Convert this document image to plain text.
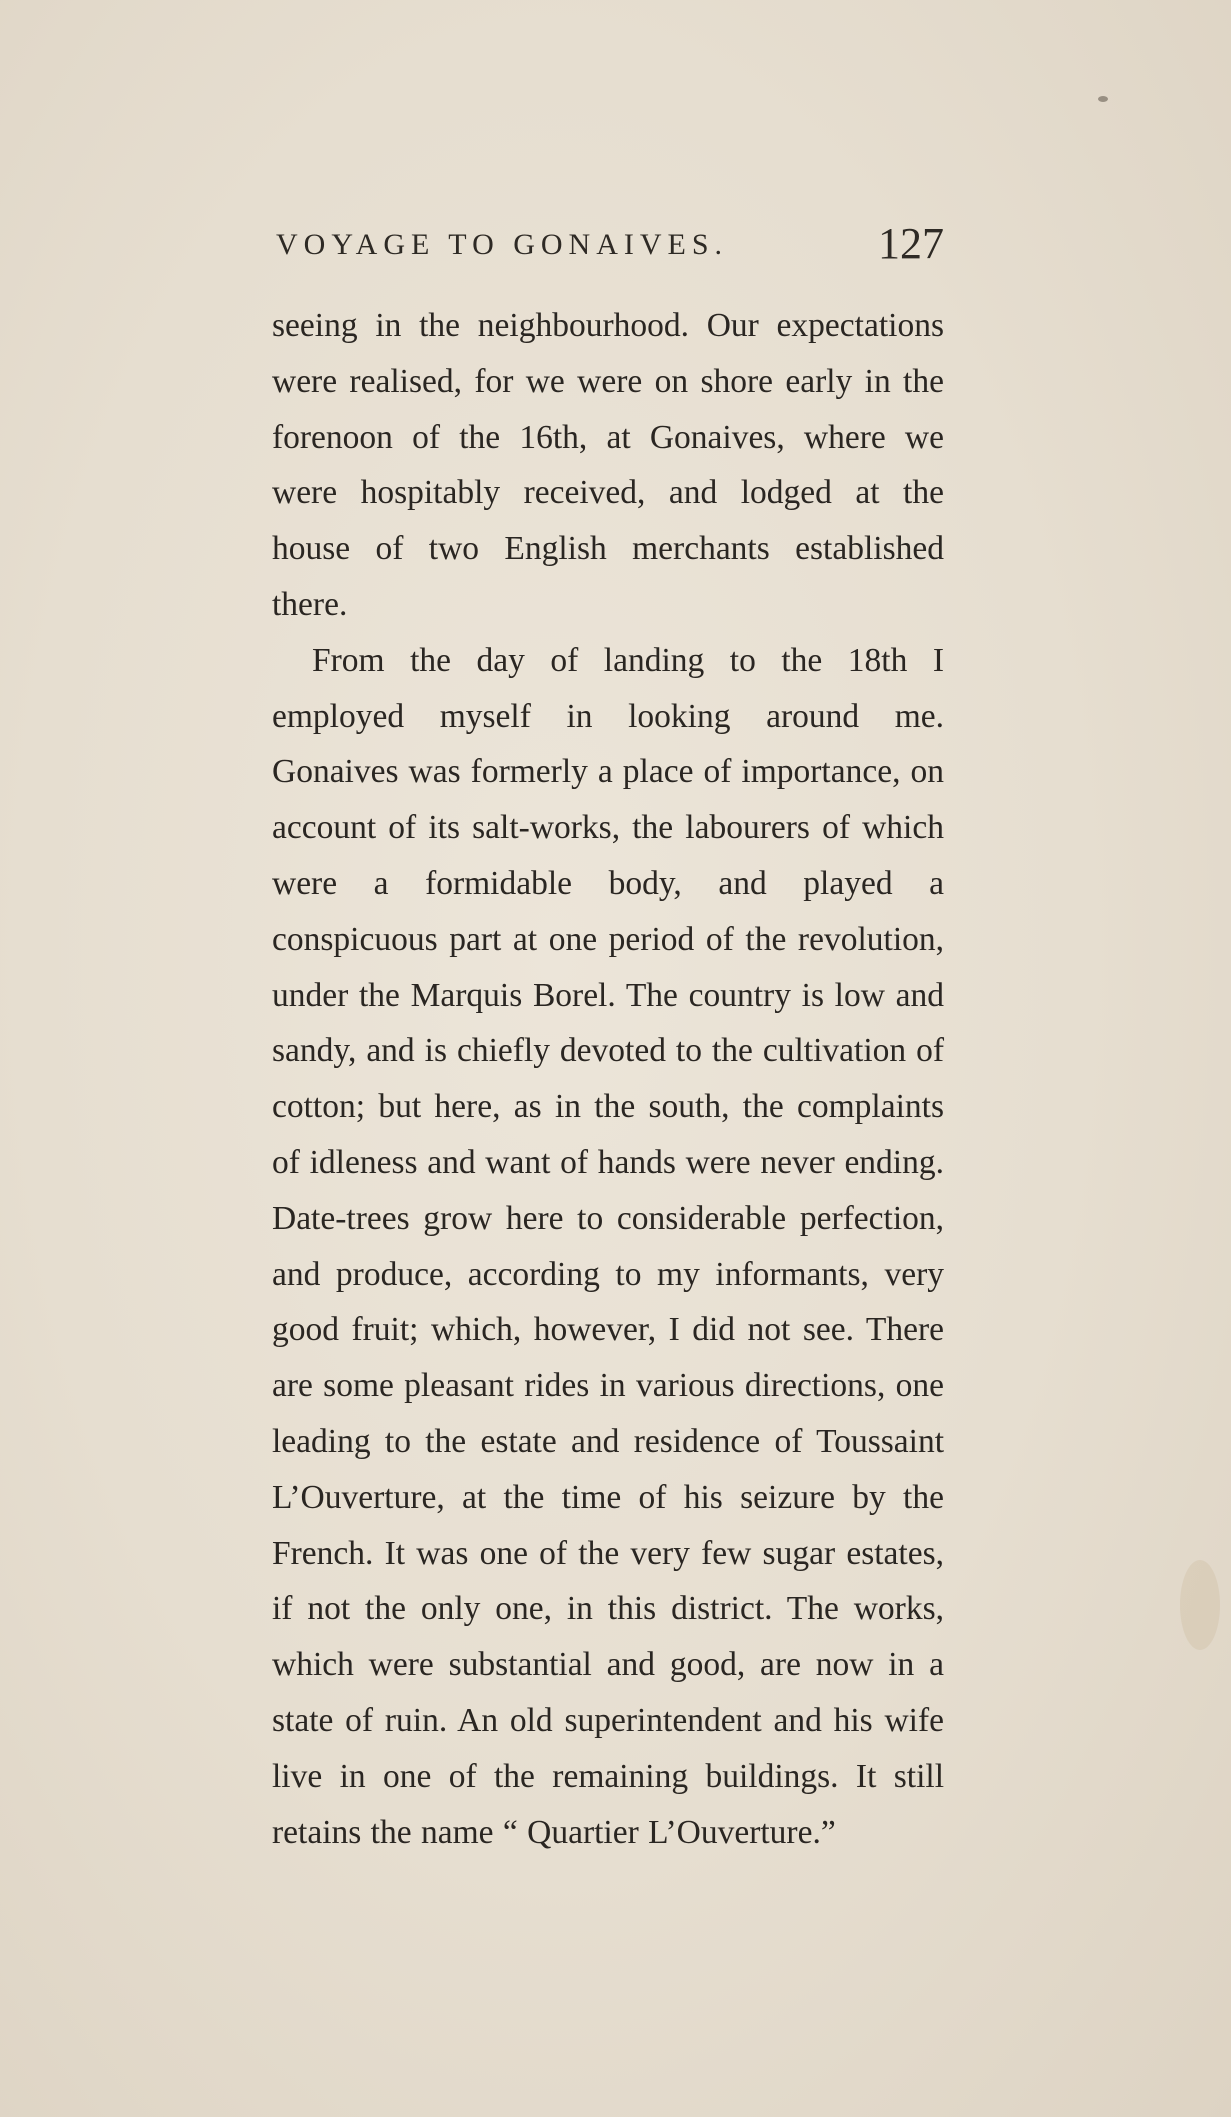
VOYAGE TO GONAIVES.	127

seeing in the neighbourhood. Our expectations were realised, for we were on shore early in the forenoon of the 16th, at Gonaives, where we were hospitably received, and lodged at the house of two English merchants established there.

From the day of landing to the 18th I employed myself in looking around me. Gonaives was formerly a place of importance, on account of its salt-works, the labourers of which were a formidable body, and played a conspicuous part at one period of the revolution, under the Marquis Borel. The country is low and sandy, and is chiefly devoted to the cultivation of cotton; but here, as in the south, the complaints of idleness and want of hands were never ending. Date-trees grow here to considerable perfection, and produce, according to my informants, very good fruit; which, however, I did not see. There are some pleasant rides in various directions, one leading to the estate and residence of Toussaint L’Ouverture, at the time of his seizure by the French. It was one of the very few sugar estates, if not the only one, in this district. The works, which were substantial and good, are now in a state of ruin. An old superintendent and his wife live in one of the remaining buildings. It still retains the name “ Quartier L’Ouverture.”
